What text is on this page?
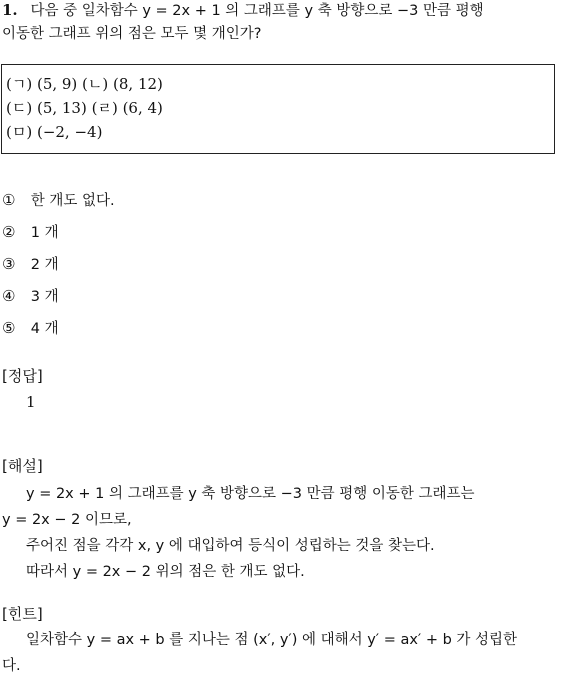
1. 다음 중 일차함수 y = 2x + 1 의 그래프를 y 축 방향으로 −3 만큼 평행
이동한 그래프 위의 점은 모두 몇 개인가?
(ㄱ) (5, 9) (ㄴ) (8, 12)
(ㄷ) (5, 13) (ㄹ) (6, 4)
(ㅁ) (−2, −4)
① 한 개도 없다.
② 1 개
③ 2 개
④ 3 개
⑤ 4 개
[정답]
1
[해설]
y = 2x + 1 의 그래프를 y 축 방향으로 −3 만큼 평행 이동한 그래프는
y = 2x − 2 이므로,
주어진 점을 각각 x, y 에 대입하여 등식이 성립하는 것을 찾는다.
따라서 y = 2x − 2 위의 점은 한 개도 없다.
[힌트]
일차함수 y = ax + b 를 지나는 점 (x′, y′) 에 대해서 y′ = ax′ + b 가 성립한
다.
